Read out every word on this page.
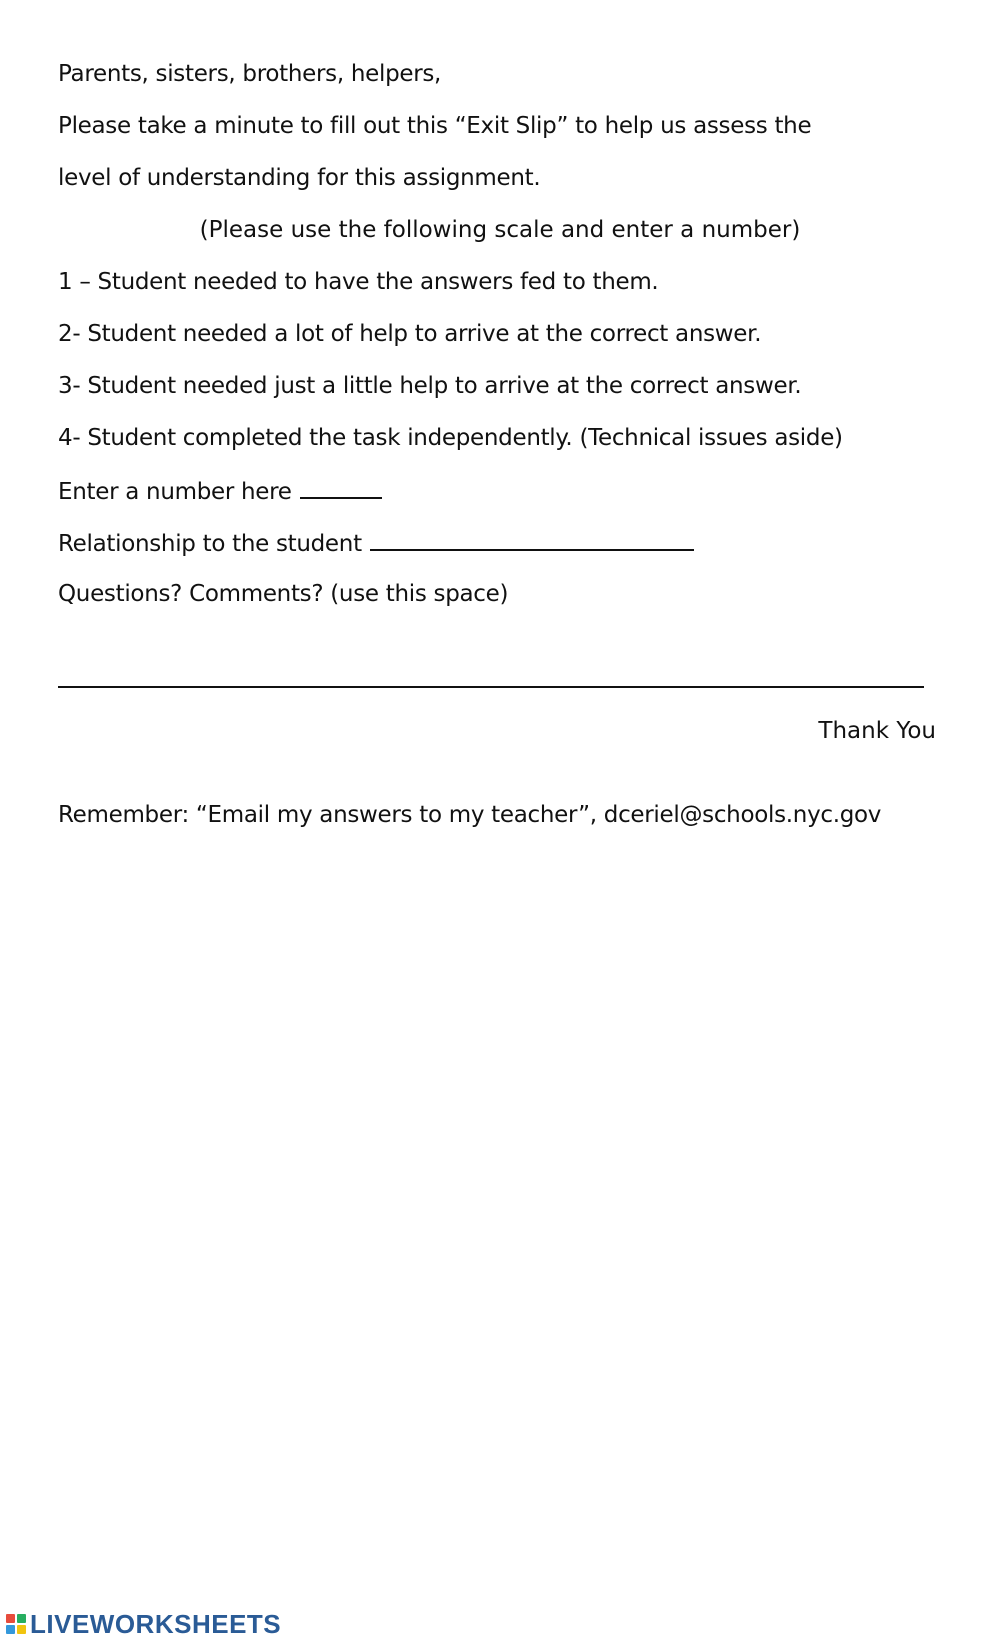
Parents, sisters, brothers, helpers,
Please take a minute to fill out this “Exit Slip” to help us assess the
level of understanding for this assignment.
(Please use the following scale and enter a number)
1 – Student needed to have the answers fed to them.
2- Student needed a lot of help to arrive at the correct answer.
3- Student needed just a little help to arrive at the correct answer.
4- Student completed the task independently. (Technical issues aside)
Enter a number here
Relationship to the student
Questions? Comments? (use this space)
Thank You
Remember: “Email my answers to my teacher”, dceriel@schools.nyc.gov
LIVEWORKSHEETS
